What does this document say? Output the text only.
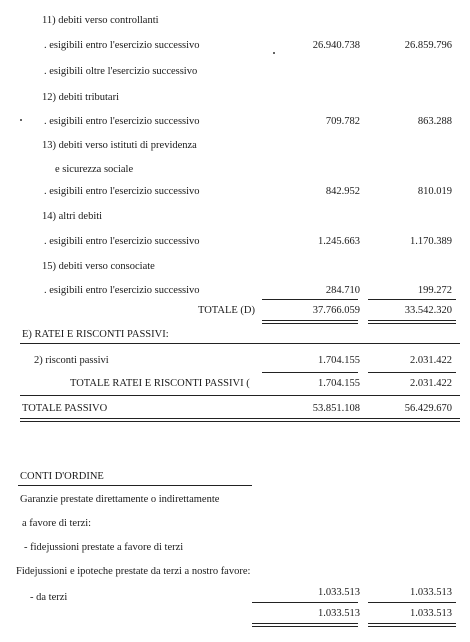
11) debiti verso controllanti
. esigibili entro l'esercizio successivo	26.940.738	26.859.796
. esigibili oltre l'esercizio successivo
12) debiti tributari
. esigibili entro l'esercizio successivo	709.782	863.288
13) debiti verso istituti di previdenza
e sicurezza sociale
. esigibili entro l'esercizio successivo	842.952	810.019
14) altri debiti
. esigibili entro l'esercizio successivo	1.245.663	1.170.389
15) debiti verso consociate
. esigibili entro l'esercizio successivo	284.710	199.272
TOTALE (D)	37.766.059	33.542.320
E) RATEI E RISCONTI PASSIVI:
2) risconti passivi	1.704.155	2.031.422
TOTALE RATEI E RISCONTI PASSIVI (	1.704.155	2.031.422
TOTALE PASSIVO	53.851.108	56.429.670
CONTI D'ORDINE
Garanzie prestate direttamente o indirettamente
a favore di terzi:
- fidejussioni prestate a favore di terzi
Fidejussioni e ipoteche prestate da terzi a nostro favore:
- da terzi	1.033.513	1.033.513
1.033.513	1.033.513
